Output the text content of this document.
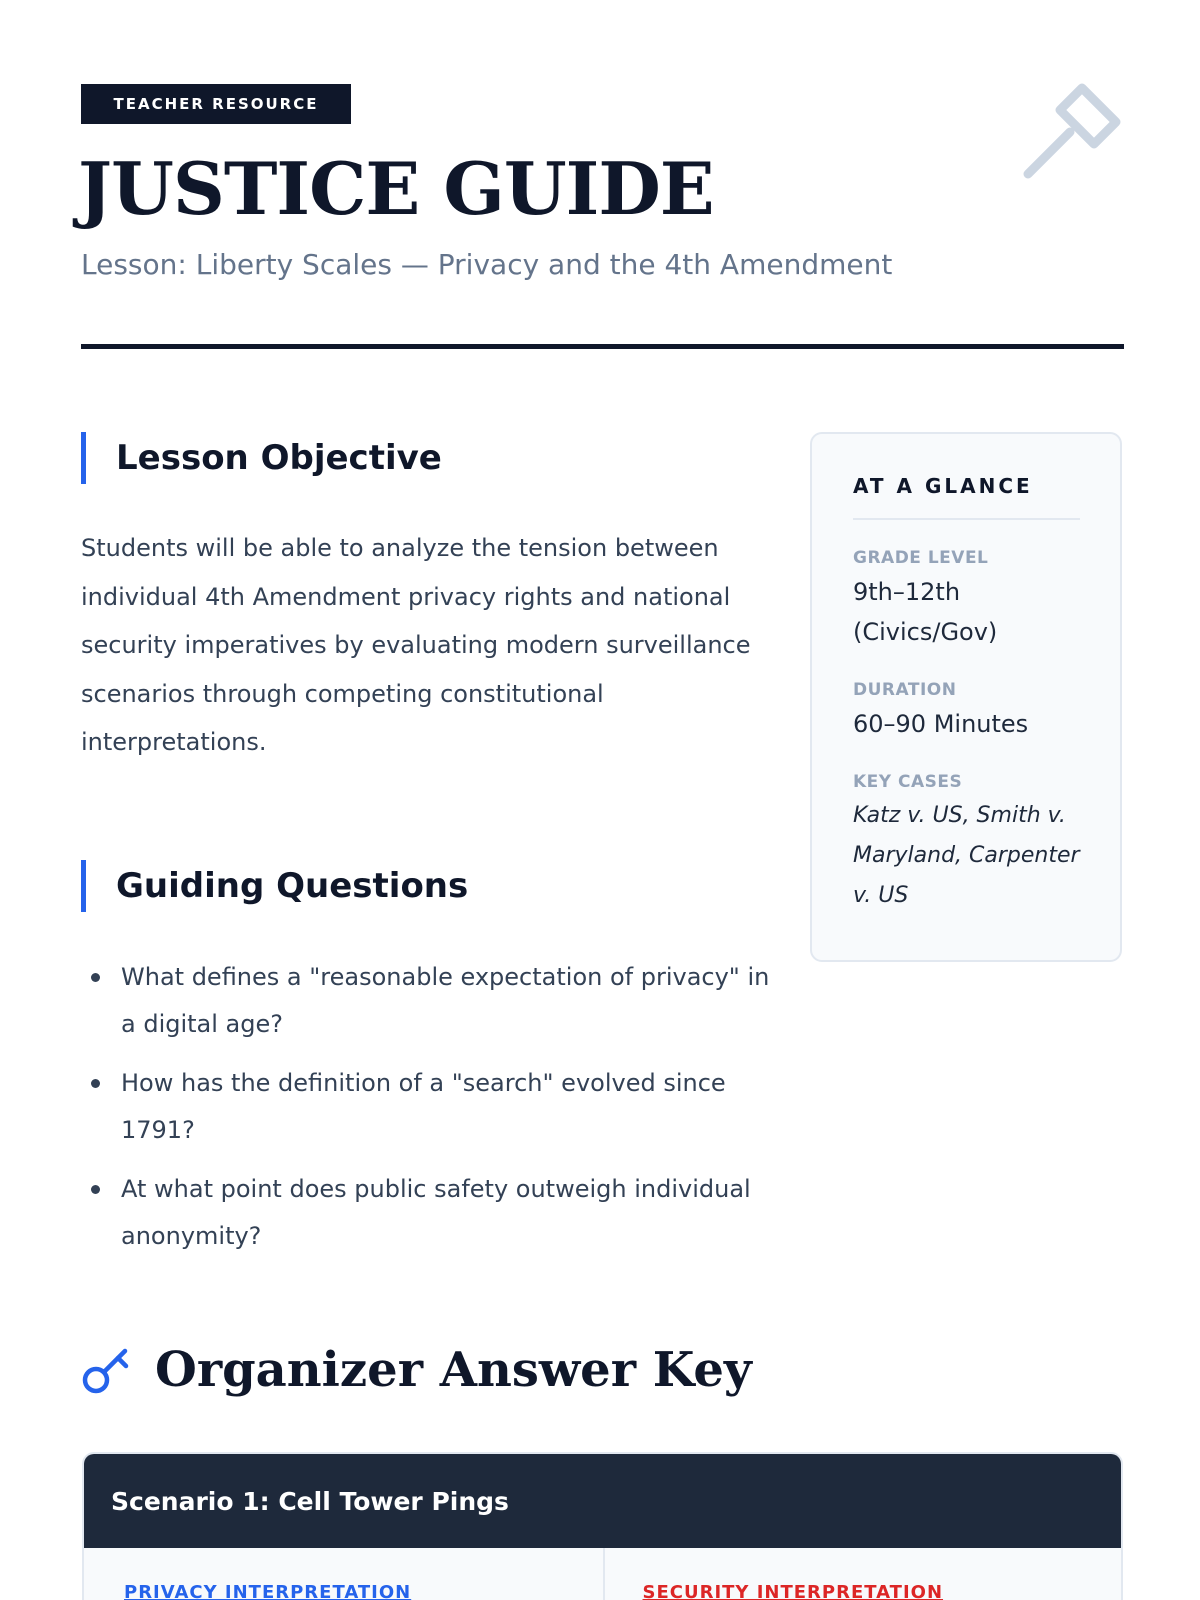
TEACHER RESOURCE
JUSTICE GUIDE
Lesson: Liberty Scales — Privacy and the 4th Amendment
Lesson Objective

Students will be able to analyze the tension between individual 4th Amendment privacy rights and national security imperatives by evaluating modern surveillance scenarios through competing constitutional interpretations.

Guiding Questions
What defines a "reasonable expectation of privacy" in a digital age?
How has the definition of a "search" evolved since 1791?
At what point does public safety outweigh individual anonymity?
AT A GLANCE
GRADE LEVEL
9th–12th (Civics/Gov)
DURATION
60–90 Minutes
KEY CASES
Katz v. US, Smith v. Maryland, Carpenter v. US
Organizer Answer Key
Scenario 1: Cell Tower Pings
PRIVACY INTERPRETATION	SECURITY INTERPRETATION
